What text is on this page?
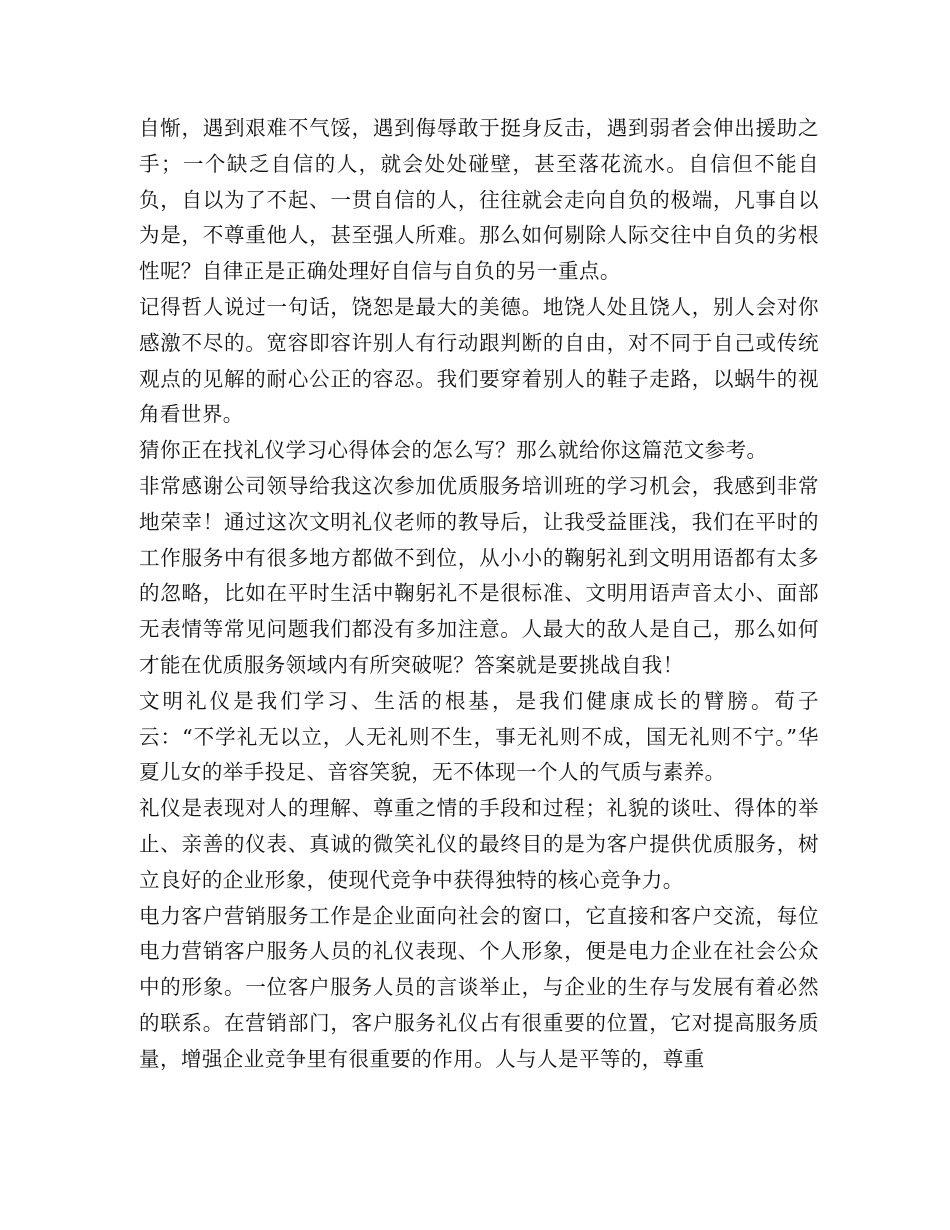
自惭，遇到艰难不气馁，遇到侮辱敢于挺身反击，遇到弱者会伸出援助之手；一个缺乏自信的人，就会处处碰壁，甚至落花流水。自信但不能自负，自以为了不起、一贯自信的人，往往就会走向自负的极端，凡事自以为是，不尊重他人，甚至强人所难。那么如何剔除人际交往中自负的劣根性呢？自律正是正确处理好自信与自负的另一重点。

记得哲人说过一句话，饶恕是最大的美德。地饶人处且饶人，别人会对你感激不尽的。宽容即容许别人有行动跟判断的自由，对不同于自己或传统观点的见解的耐心公正的容忍。我们要穿着别人的鞋子走路，以蜗牛的视角看世界。

猜你正在找礼仪学习心得体会的怎么写？那么就给你这篇范文参考。

非常感谢公司领导给我这次参加优质服务培训班的学习机会，我感到非常地荣幸！通过这次文明礼仪老师的教导后，让我受益匪浅，我们在平时的工作服务中有很多地方都做不到位，从小小的鞠躬礼到文明用语都有太多的忽略，比如在平时生活中鞠躬礼不是很标准、文明用语声音太小、面部无表情等常见问题我们都没有多加注意。人最大的敌人是自己，那么如何才能在优质服务领域内有所突破呢？答案就是要挑战自我！

文明礼仪是我们学习、生活的根基，是我们健康成长的臂膀。荀子云：“不学礼无以立，人无礼则不生，事无礼则不成，国无礼则不宁。”华夏儿女的举手投足、音容笑貌，无不体现一个人的气质与素养。

礼仪是表现对人的理解、尊重之情的手段和过程；礼貌的谈吐、得体的举止、亲善的仪表、真诚的微笑礼仪的最终目的是为客户提供优质服务，树立良好的企业形象，使现代竞争中获得独特的核心竞争力。

电力客户营销服务工作是企业面向社会的窗口，它直接和客户交流，每位电力营销客户服务人员的礼仪表现、个人形象，便是电力企业在社会公众中的形象。一位客户服务人员的言谈举止，与企业的生存与发展有着必然的联系。在营销部门，客户服务礼仪占有很重要的位置，它对提高服务质量，增强企业竞争里有很重要的作用。人与人是平等的，尊重
